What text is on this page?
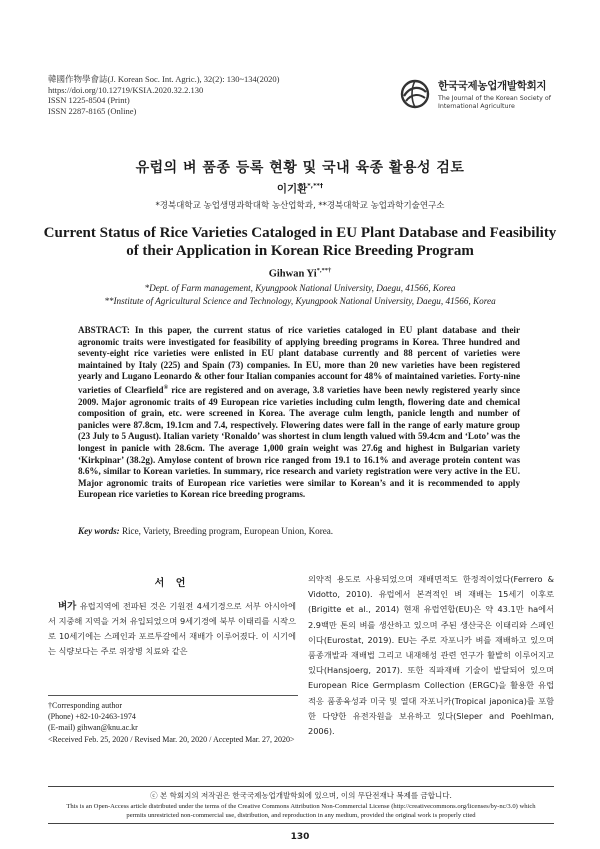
韓國作物學會誌(J. Korean Soc. Int. Agric.), 32(2): 130~134(2020)
https://doi.org/10.12719/KSIA.2020.32.2.130
ISSN 1225-8504 (Print)
ISSN 2287-8165 (Online)
한국국제농업개발학회지
The Journal of the Korean Society of International Agriculture
유럽의 벼 품종 등록 현황 및 국내 육종 활용성 검토
이기환*,**†
*경북대학교 농업생명과학대학 농산업학과, **경북대학교 농업과학기술연구소
Current Status of Rice Varieties Cataloged in EU Plant Database and Feasibility
of their Application in Korean Rice Breeding Program
Gihwan Yi*,**†
*Dept. of Farm management, Kyungpook National University, Daegu, 41566, Korea
**Institute of Agricultural Science and Technology, Kyungpook National University, Daegu, 41566, Korea
ABSTRACT: In this paper, the current status of rice varieties cataloged in EU plant database and their agronomic traits were investigated for feasibility of applying breeding programs in Korea. Three hundred and seventy-eight rice varieties were enlisted in EU plant database currently and 88 percent of varieties were maintained by Italy (225) and Spain (73) companies. In EU, more than 20 new varieties have been registered yearly and Lugano Leonardo & other four Italian companies account for 48% of maintained varieties. Forty-nine varieties of Clearfield® rice are registered and on average, 3.8 varieties have been newly registered yearly since 2009. Major agronomic traits of 49 European rice varieties including culm length, flowering date and chemical composition of grain, etc. were screened in Korea. The average culm length, panicle length and number of panicles were 87.8cm, 19.1cm and 7.4, respectively. Flowering dates were fall in the range of early mature group (23 July to 5 August). Italian variety ‘Ronaldo’ was shortest in clum length valued with 59.4cm and ‘Loto’ was the longest in panicle with 28.6cm. The average 1,000 grain weight was 27.6g and highest in Bulgarian variety ‘Kirkpinar’ (38.2g). Amylose content of brown rice ranged from 19.1 to 16.1% and average protein content was 8.6%, similar to Korean varieties. In summary, rice research and variety registration were very active in the EU. Major agronomic traits of European rice varieties were similar to Korean’s and it is recommended to apply European rice varieties to Korean rice breeding programs.
Key words: Rice, Variety, Breeding program, European Union, Korea.
서 언
벼가 유럽지역에 전파된 것은 기원전 4세기경으로 서부 아시아에서 지중해 지역을 거쳐 유입되었으며 9세기경에 북부 이태리를 시작으로 10세기에는 스페인과 포르투갈에서 재배가 이루어졌다. 이 시기에는 식량보다는 주로 위장병 치료와 같은
†Corresponding author
(Phone) +82-10-2463-1974
(E-mail) gihwan@knu.ac.kr
<Received Feb. 25, 2020 / Revised Mar. 20, 2020 / Accepted Mar. 27, 2020>
의약적 용도로 사용되었으며 재배면적도 한정적이었다(Ferrero & Vidotto, 2010). 유럽에서 본격적인 벼 재배는 15세기 이후로(Brigitte et al., 2014) 현재 유럽연합(EU)은 약 43.1만 ha에서 2.9백만 톤의 벼를 생산하고 있으며 주된 생산국은 이태리와 스페인이다(Eurostat, 2019). EU는 주로 자포니카 벼를 재배하고 있으며 품종개발과 재배법 그리고 내재해성 관련 연구가 활발히 이루어지고 있다(Hansjoerg, 2017). 또한 직파재배 기술이 발달되어 있으며 European Rice Germplasm Collection (ERGC)을 활용한 유럽 적응 품종육성과 미국 및 열대 자포니카(Tropical japonica)를 포함한 다양한 유전자원을 보유하고 있다(Sleper and Poehlman, 2006).
ⓒ 본 학회지의 저작권은 한국국제농업개발학회에 있으며, 이의 무단전재나 복제를 금합니다.
This is an Open-Access article distributed under the terms of the Creative Commons Attribution Non-Commercial License (http://creativecommons.org/licenses/by-nc/3.0) which permits unrestricted non-commercial use, distribution, and reproduction in any medium, provided the original work is properly cited
130
